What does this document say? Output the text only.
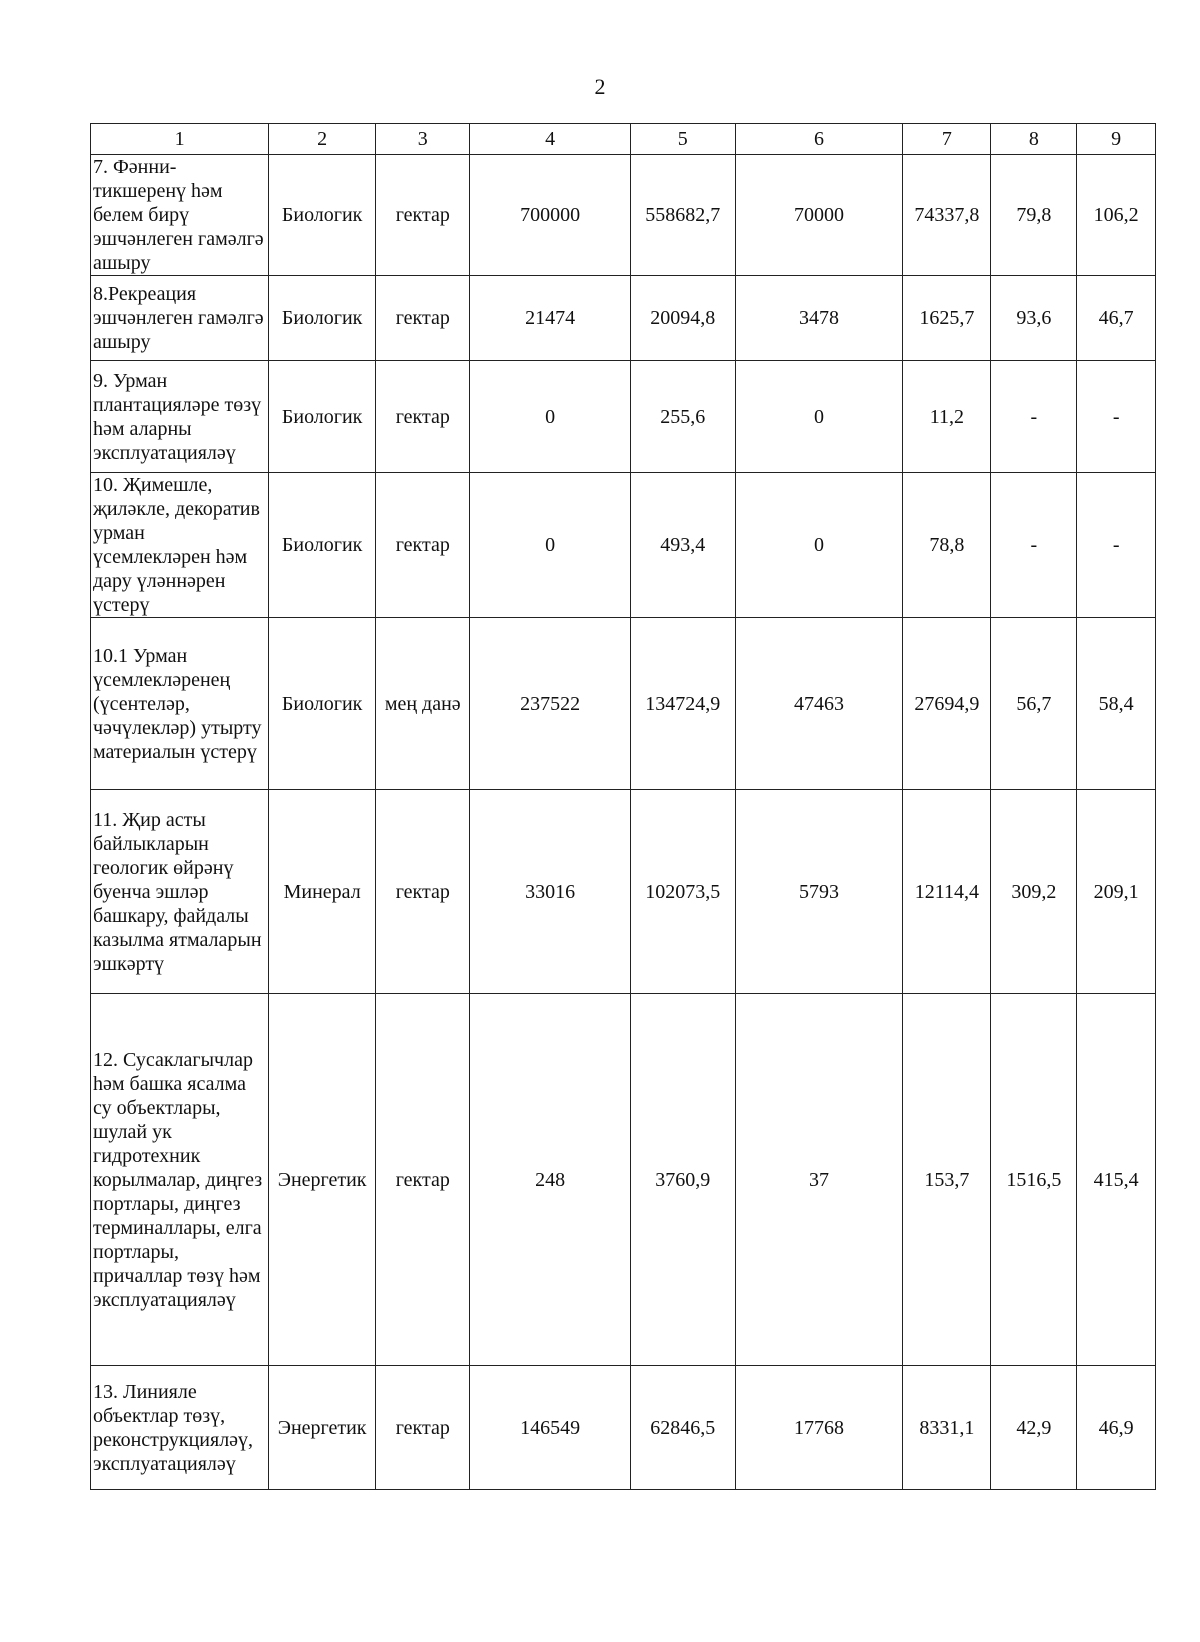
2
1	2	3	4	5	6	7	8	9
7. Фәнни-тикшеренү һәм белем бирү эшчәнлеген гамәлгә ашыру	Биологик	гектар	700000	558682,7	70000	74337,8	79,8	106,2
8.Рекреация эшчәнлеген гамәлгә ашыру	Биологик	гектар	21474	20094,8	3478	1625,7	93,6	46,7
9. Урман плантацияләре төзү һәм аларны эксплуатацияләү	Биологик	гектар	0	255,6	0	11,2	-	-
10. Җимешле, җиләкле, декоратив урман үсемлекләрен һәм дару үләннәрен үстерү	Биологик	гектар	0	493,4	0	78,8	-	-
10.1 Урман үсемлекләренең (үсентеләр, чәчүлекләр) утырту материалын үстерү	Биологик	мең данә	237522	134724,9	47463	27694,9	56,7	58,4
11. Җир асты байлыкларын геологик өйрәнү буенча эшләр башкару, файдалы казылма ятмаларын эшкәртү	Минерал	гектар	33016	102073,5	5793	12114,4	309,2	209,1
12. Сусаклагычлар һәм башка ясалма су объектлары, шулай ук гидротехник корылмалар, диңгез портлары, диңгез терминаллары, елга портлары, причаллар төзү һәм эксплуатацияләү	Энергетик	гектар	248	3760,9	37	153,7	1516,5	415,4
13. Линияле объектлар төзү, реконструкцияләү, эксплуатацияләү	Энергетик	гектар	146549	62846,5	17768	8331,1	42,9	46,9
